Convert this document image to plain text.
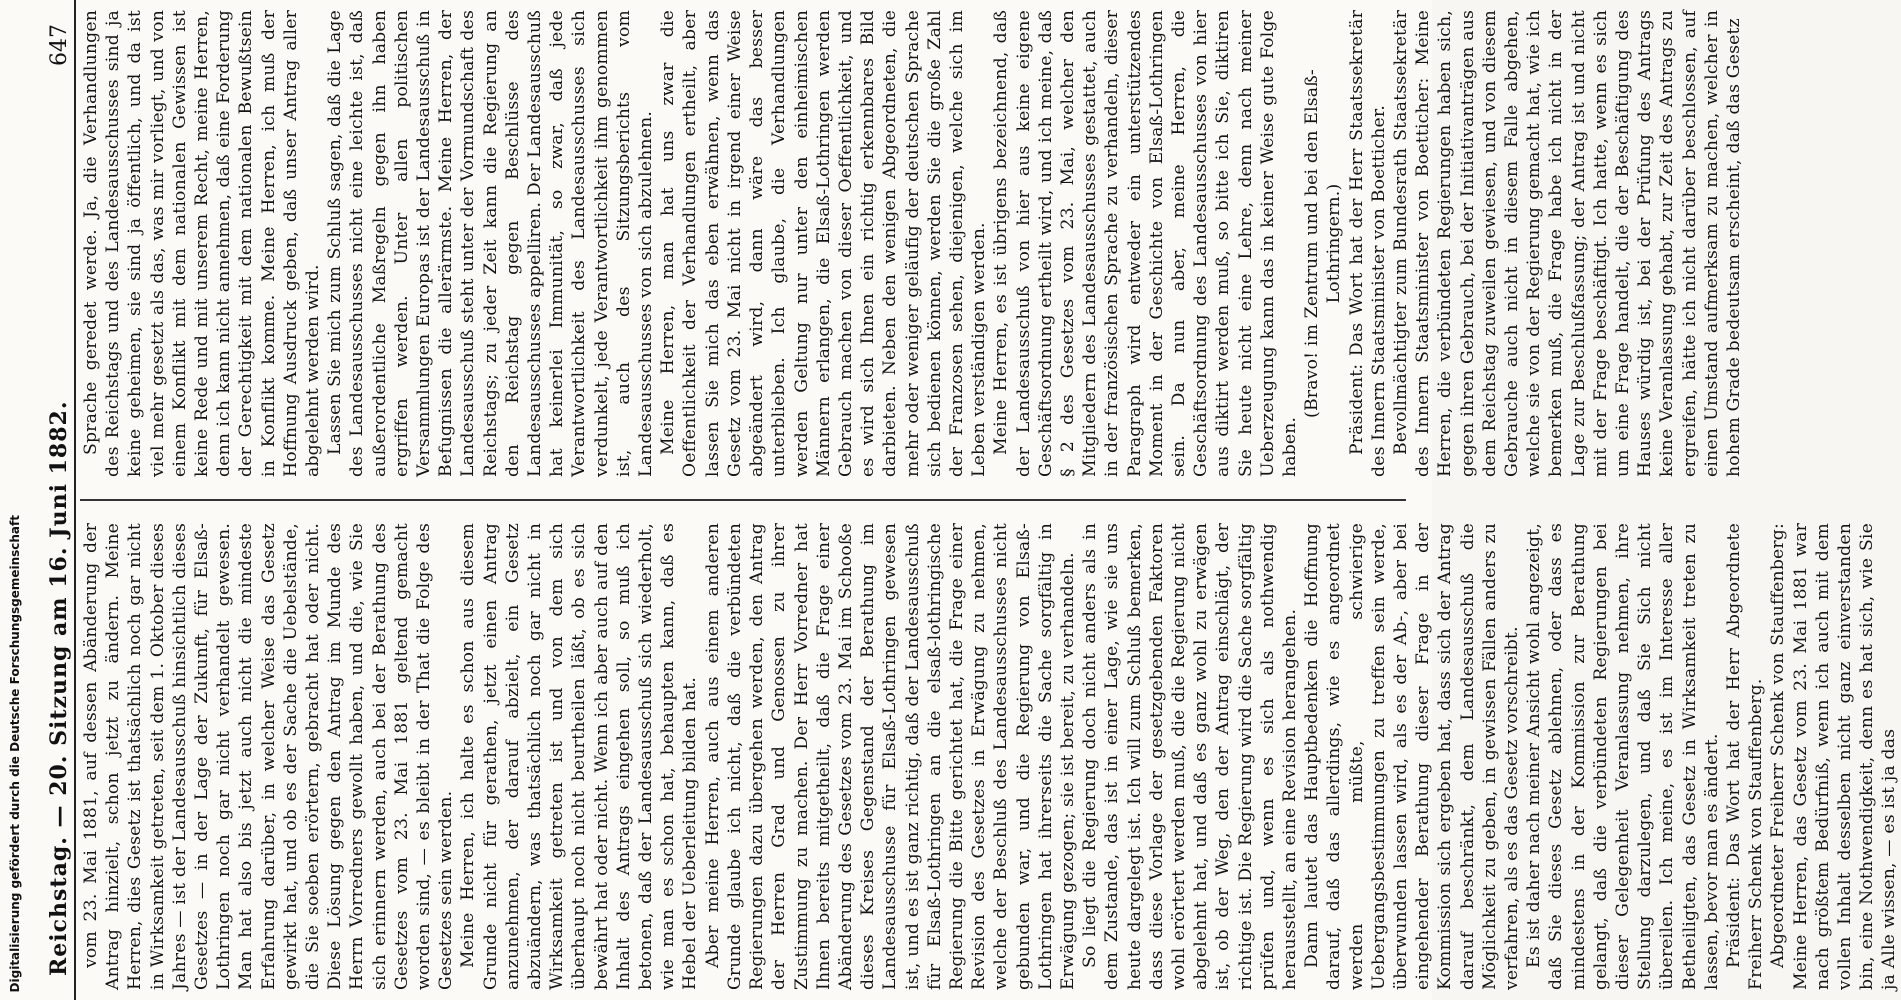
Digitalisierung gefördert durch die Deutsche Forschungsgemeinschaft Reichstag. — 20. Sitzung am 16. Juni 1882.
647

vom 23. Mai 1881, auf dessen Abänderung der Antrag hinzielt, schon jetzt zu ändern. Meine Herren, dies Gesetz ist thatsächlich noch gar nicht in Wirksamkeit getreten, seit dem 1. Oktober dieses Jahres — ist der Landesausschuß hinsichtlich dieses Gesetzes — in der Lage der Zukunft, für Elsaß-Lothringen noch gar nicht verhandelt gewesen. Man hat also bis jetzt auch nicht die mindeste Erfahrung darüber, in welcher Weise das Gesetz gewirkt hat, und ob es der Sache die Uebelstände, die Sie soeben erörtern, gebracht hat oder nicht. Diese Lösung gegen den Antrag im Munde des Herrn Vorredners gewollt haben, und die, wie Sie sich erinnern werden, auch bei der Berathung des Gesetzes vom 23. Mai 1881 geltend gemacht worden sind, — es bleibt in der That die Folge des Gesetzes sein werden. Meine Herren, ich halte es schon aus diesem Grunde nicht für gerathen, jetzt einen Antrag anzunehmen, der darauf abzielt, ein Gesetz abzuändern, was thatsächlich noch gar nicht in Wirksamkeit getreten ist und von dem sich überhaupt noch nicht beurtheilen läßt, ob es sich bewährt hat oder nicht. Wenn ich aber auch auf den Inhalt des Antrags eingehen soll, so muß ich betonen, daß der Landesausschuß sich wiederholt, wie man es schon hat, behaupten kann, daß es Hebel der Ueberleitung bilden hat. Aber meine Herren, auch aus einem anderen Grunde glaube ich nicht, daß die verbündeten Regierungen dazu übergehen werden, den Antrag der Herren Grad und Genossen zu ihrer Zustimmung zu machen. Der Herr Vorredner hat Ihnen bereits mitgetheilt, daß die Frage einer Abänderung des Gesetzes vom 23. Mai im Schooße dieses Kreises Gegenstand der Berathung im Landesausschusse für Elsaß-Lothringen gewesen ist, und es ist ganz richtig, daß der Landesausschuß für Elsaß-Lothringen an die elsaß-lothringische Regierung die Bitte gerichtet hat, die Frage einer Revision des Gesetzes in Erwägung zu nehmen, welche der Beschluß des Landesausschusses nicht gebunden war, und die Regierung von Elsaß-Lothringen hat ihrerseits die Sache sorgfältig in Erwägung gezogen; sie ist bereit, zu verhandeln. So liegt die Regierung doch nicht anders als in dem Zustande, das ist in einer Lage, wie sie uns heute dargelegt ist. Ich will zum Schluß bemerken, dass diese Vorlage der gesetzgebenden Faktoren wohl erörtert werden muß, die die Regierung nicht abgelehnt hat, und daß es ganz wohl zu erwägen ist, ob der Weg, den der Antrag einschlägt, der richtige ist. Die Regierung wird die Sache sorgfältig prüfen und, wenn es sich als nothwendig herausstellt, an eine Revision herangehen. Dann lautet das Hauptbedenken die Hoffnung darauf, daß das allerdings, wie es angeordnet werden müßte, schwierige Uebergangsbestimmungen zu treffen sein werde, überwunden lassen wird, als es der Ab-, aber bei eingehender Berathung dieser Frage in der Kommission sich ergeben hat, dass sich der Antrag darauf beschränkt, dem Landesausschuß die Möglichkeit zu geben, in gewissen Fällen anders zu verfahren, als es das Gesetz vorschreibt. Es ist daher nach meiner Ansicht wohl angezeigt, daß Sie dieses Gesetz ablehnen, oder dass es mindestens in der Kommission zur Berathung gelangt, daß die verbündeten Regierungen bei dieser Gelegenheit Veranlassung nehmen, ihre Stellung darzulegen, und daß Sie Sich nicht übereilen. Ich meine, es ist im Interesse aller Betheiligten, das Gesetz in Wirksamkeit treten zu lassen, bevor man es ändert. Präsident: Das Wort hat der Herr Abgeordnete Freiherr Schenk von Stauffenberg. Abgeordneter Freiherr Schenk von Stauffenberg: Meine Herren, das Gesetz vom 23. Mai 1881 war nach größtem Bedürfniß, wenn ich auch mit dem vollen Inhalt desselben nicht ganz einverstanden bin, eine Nothwendigkeit, denn es hat sich, wie Sie ja Alle wissen, — es ist ja das

Sprache geredet werde. Ja, die Verhandlungen des Reichstags und des Landesausschusses sind ja keine geheimen, sie sind ja öffentlich, und da ist viel mehr gesetzt als das, was mir vorliegt, und von einem Konflikt mit dem nationalen Gewissen ist keine Rede und mit unserem Recht, meine Herren, denn ich kann nicht annehmen, daß eine Forderung der Gerechtigkeit mit dem nationalen Bewußtsein in Konflikt komme. Meine Herren, ich muß der Hoffnung Ausdruck geben, daß unser Antrag aller abgelehnt werden wird. Lassen Sie mich zum Schluß sagen, daß die Lage des Landesausschusses nicht eine leichte ist, daß außerordentliche Maßregeln gegen ihn haben ergriffen werden. Unter allen politischen Versammlungen Europas ist der Landesausschuß in Befugnissen die allerärmste. Meine Herren, der Landesausschuß steht unter der Vormundschaft des Reichstags; zu jeder Zeit kann die Regierung an den Reichstag gegen Beschlüsse des Landesausschusses appelliren. Der Landesausschuß hat keinerlei Immunität, so zwar, daß jede Verantwortlichkeit des Landesausschusses sich verdunkelt, jede Verantwortlichkeit ihm genommen ist, auch des Sitzungsberichts vom Landesausschusses von sich abzulehnen. Meine Herren, man hat uns zwar die Oeffentlichkeit der Verhandlungen ertheilt, aber lassen Sie mich das eben erwähnen, wenn das Gesetz vom 23. Mai nicht in irgend einer Weise abgeändert wird, dann wäre das besser unterblieben. Ich glaube, die Verhandlungen werden Geltung nur unter den einheimischen Männern erlangen, die Elsaß-Lothringen werden Gebrauch machen von dieser Oeffentlichkeit, und es wird sich Ihnen ein richtig erkennbares Bild darbieten. Neben den wenigen Abgeordneten, die mehr oder weniger geläufig der deutschen Sprache sich bedienen können, werden Sie die große Zahl der Franzosen sehen, diejenigen, welche sich im Leben verständigen werden. Meine Herren, es ist übrigens bezeichnend, daß der Landesausschuß von hier aus keine eigene Geschäftsordnung ertheilt wird, und ich meine, daß § 2 des Gesetzes vom 23. Mai, welcher den Mitgliedern des Landesausschusses gestattet, auch in der französischen Sprache zu verhandeln, dieser Paragraph wird entweder ein unterstützendes Moment in der Geschichte von Elsaß-Lothringen sein. Da nun aber, meine Herren, die Geschäftsordnung des Landesausschusses von hier aus diktirt werden muß, so bitte ich Sie, diktiren Sie heute nicht eine Lehre, denn nach meiner Ueberzeugung kann das in keiner Weise gute Folge haben.

(Bravo! im Zentrum und bei den Elsaß-Lothringern.) Präsident: Das Wort hat der Herr Staatssekretär des Innern Staatsminister von Boetticher. Bevollmächtigter zum Bundesrath Staatssekretär des Innern Staatsminister von Boetticher: Meine Herren, die verbündeten Regierungen haben sich, gegen ihren Gebrauch, bei der Initiativanträgen aus dem Reichstag zuweilen gewiesen, und von diesem Gebrauche auch nicht in diesem Falle abgehen, welche sie von der Regierung gemacht hat, wie ich bemerken muß, die Frage habe ich nicht in der Lage zur Beschlußfassung; der Antrag ist und nicht mit der Frage beschäftigt. Ich hatte, wenn es sich um eine Frage handelt, die der Beschäftigung des Hauses würdig ist, bei der Prüfung des Antrags keine Veranlassung gehabt, zur Zeit des Antrags zu ergreifen, hätte ich nicht darüber beschlossen, auf einen Umstand aufmerksam zu machen, welcher in hohem Grade bedeutsam erscheint, daß das Gesetz
